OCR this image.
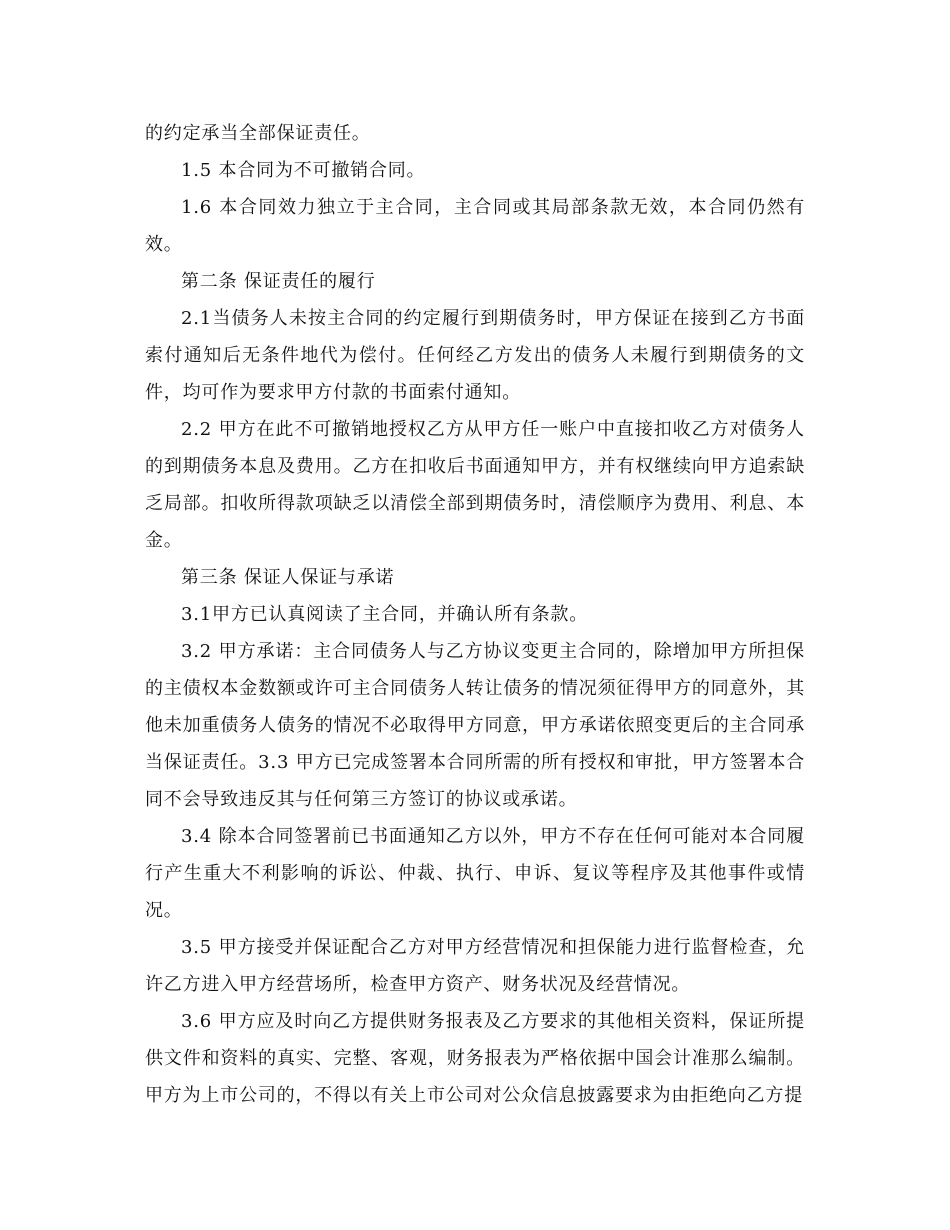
的约定承当全部保证责任。

1.5 本合同为不可撤销合同。

1.6 本合同效力独立于主合同，主合同或其局部条款无效，本合同仍然有效。

第二条 保证责任的履行

2.1当债务人未按主合同的约定履行到期债务时，甲方保证在接到乙方书面索付通知后无条件地代为偿付。任何经乙方发出的债务人未履行到期债务的文件，均可作为要求甲方付款的书面索付通知。

2.2 甲方在此不可撤销地授权乙方从甲方任一账户中直接扣收乙方对债务人的到期债务本息及费用。乙方在扣收后书面通知甲方，并有权继续向甲方追索缺乏局部。扣收所得款项缺乏以清偿全部到期债务时，清偿顺序为费用、利息、本金。

第三条 保证人保证与承诺

3.1甲方已认真阅读了主合同，并确认所有条款。

3.2 甲方承诺：主合同债务人与乙方协议变更主合同的，除增加甲方所担保的主债权本金数额或许可主合同债务人转让债务的情况须征得甲方的同意外，其他未加重债务人债务的情况不必取得甲方同意，甲方承诺依照变更后的主合同承当保证责任。3.3 甲方已完成签署本合同所需的所有授权和审批，甲方签署本合同不会导致违反其与任何第三方签订的协议或承诺。

3.4 除本合同签署前已书面通知乙方以外，甲方不存在任何可能对本合同履行产生重大不利影响的诉讼、仲裁、执行、申诉、复议等程序及其他事件或情况。

3.5 甲方接受并保证配合乙方对甲方经营情况和担保能力进行监督检查，允许乙方进入甲方经营场所，检查甲方资产、财务状况及经营情况。

3.6 甲方应及时向乙方提供财务报表及乙方要求的其他相关资料，保证所提供文件和资料的真实、完整、客观，财务报表为严格依据中国会计准那么编制。甲方为上市公司的，不得以有关上市公司对公众信息披露要求为由拒绝向乙方提
